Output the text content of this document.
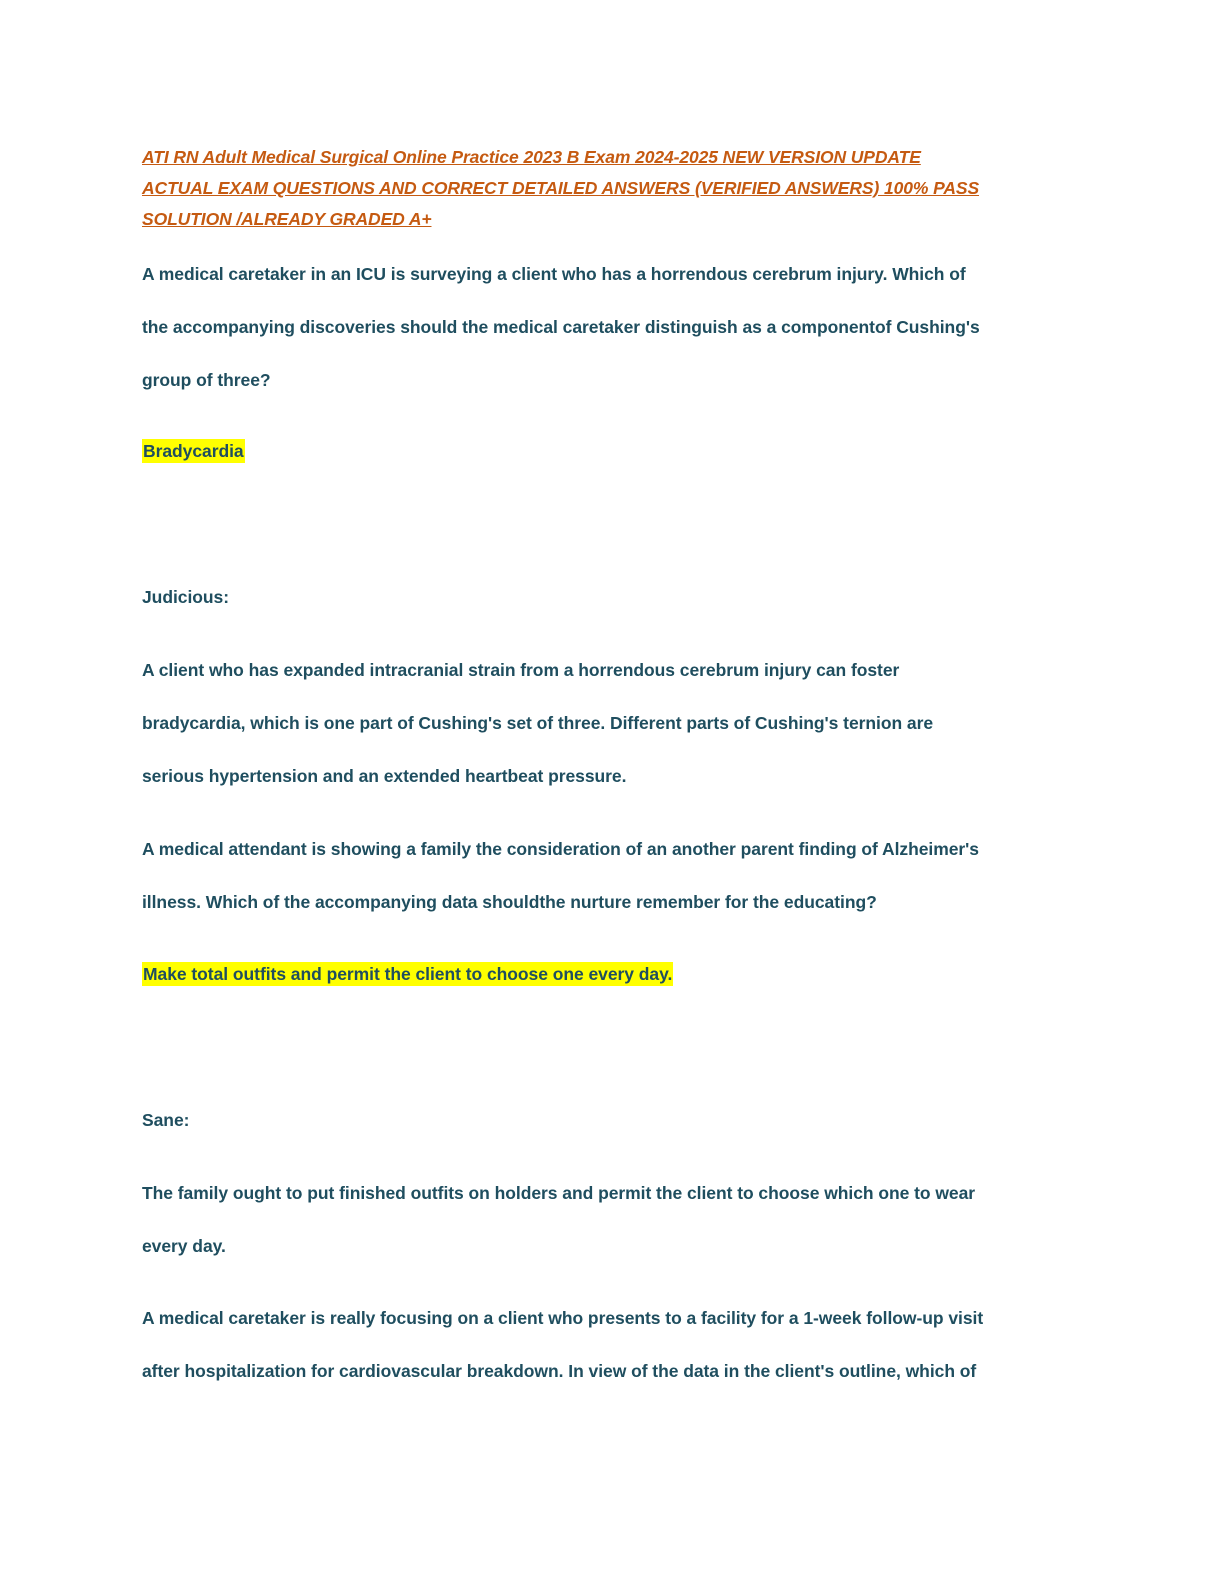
ATI RN Adult Medical Surgical Online Practice 2023 B Exam 2024-2025 NEW VERSION UPDATE
ACTUAL EXAM QUESTIONS AND CORRECT DETAILED ANSWERS (VERIFIED ANSWERS) 100% PASS
SOLUTION /ALREADY GRADED A+
A medical caretaker in an ICU is surveying a client who has a horrendous cerebrum injury. Which of
the accompanying discoveries should the medical caretaker distinguish as a componentof Cushing's
group of three?
Bradycardia
Judicious:
A client who has expanded intracranial strain from a horrendous cerebrum injury can foster
bradycardia, which is one part of Cushing's set of three. Different parts of Cushing's ternion are
serious hypertension and an extended heartbeat pressure.
A medical attendant is showing a family the consideration of an another parent finding of Alzheimer's
illness. Which of the accompanying data shouldthe nurture remember for the educating?
Make total outfits and permit the client to choose one every day.
Sane:
The family ought to put finished outfits on holders and permit the client to choose which one to wear
every day.
A medical caretaker is really focusing on a client who presents to a facility for a 1-week follow-up visit
after hospitalization for cardiovascular breakdown. In view of the data in the client's outline, which of
